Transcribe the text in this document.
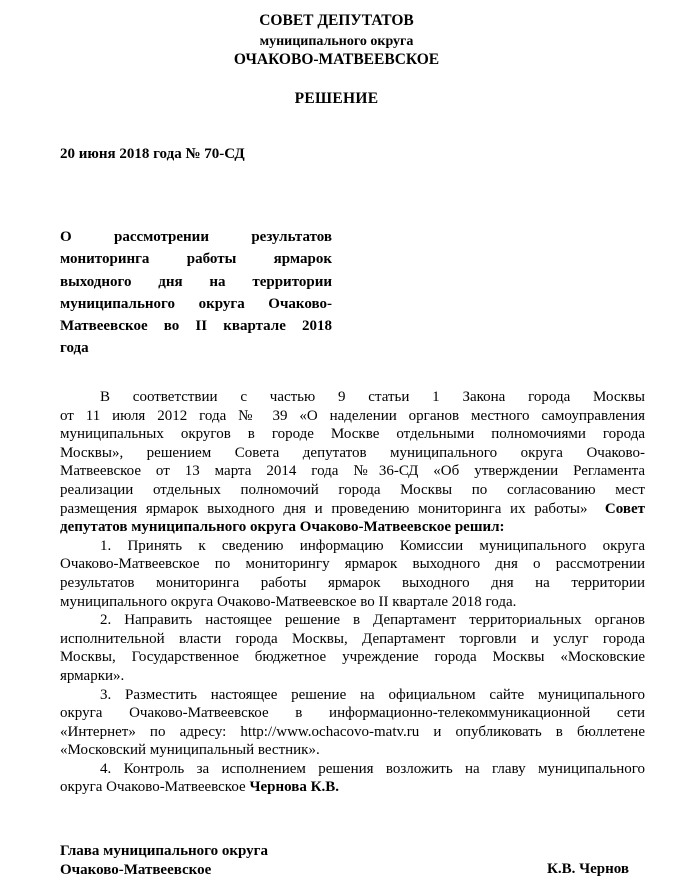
СОВЕТ ДЕПУТАТОВ
муниципального округа
ОЧАКОВО-МАТВЕЕВСКОЕ
РЕШЕНИЕ
20 июня 2018 года № 70-СД
О рассмотрении результатов
мониторинга работы ярмарок
выходного дня на территории
муниципального округа Очаково-
Матвеевское во II квартале 2018
года
В соответствии с частью 9 статьи 1 Закона города Москвы
от 11 июля 2012 года № 39 «О наделении органов местного самоуправления
муниципальных округов в городе Москве отдельными полномочиями города
Москвы», решением Совета депутатов муниципального округа Очаково-
Матвеевское от 13 марта 2014 года №36-СД «Об утверждении Регламента
реализации отдельных полномочий города Москвы по согласованию мест
размещения ярмарок выходного дня и проведению мониторинга их работы» Совет
депутатов муниципального округа Очаково-Матвеевское решил:
1. Принять к сведению информацию Комиссии муниципального округа
Очаково-Матвеевское по мониторингу ярмарок выходного дня о рассмотрении
результатов мониторинга работы ярмарок выходного дня на территории
муниципального округа Очаково-Матвеевское во II квартале 2018 года.
2. Направить настоящее решение в Департамент территориальных органов
исполнительной власти города Москвы, Департамент торговли и услуг города
Москвы, Государственное бюджетное учреждение города Москвы «Московские
ярмарки».
3. Разместить настоящее решение на официальном сайте муниципального
округа Очаково-Матвеевское в информационно-телекоммуникационной сети
«Интернет» по адресу: http://www.ochacovo-matv.ru и опубликовать в бюллетене
«Московский муниципальный вестник».
4. Контроль за исполнением решения возложить на главу муниципального
округа Очаково-Матвеевское Чернова К.В.
Глава муниципального округа
Очаково-Матвеевское	К.В. Чернов
